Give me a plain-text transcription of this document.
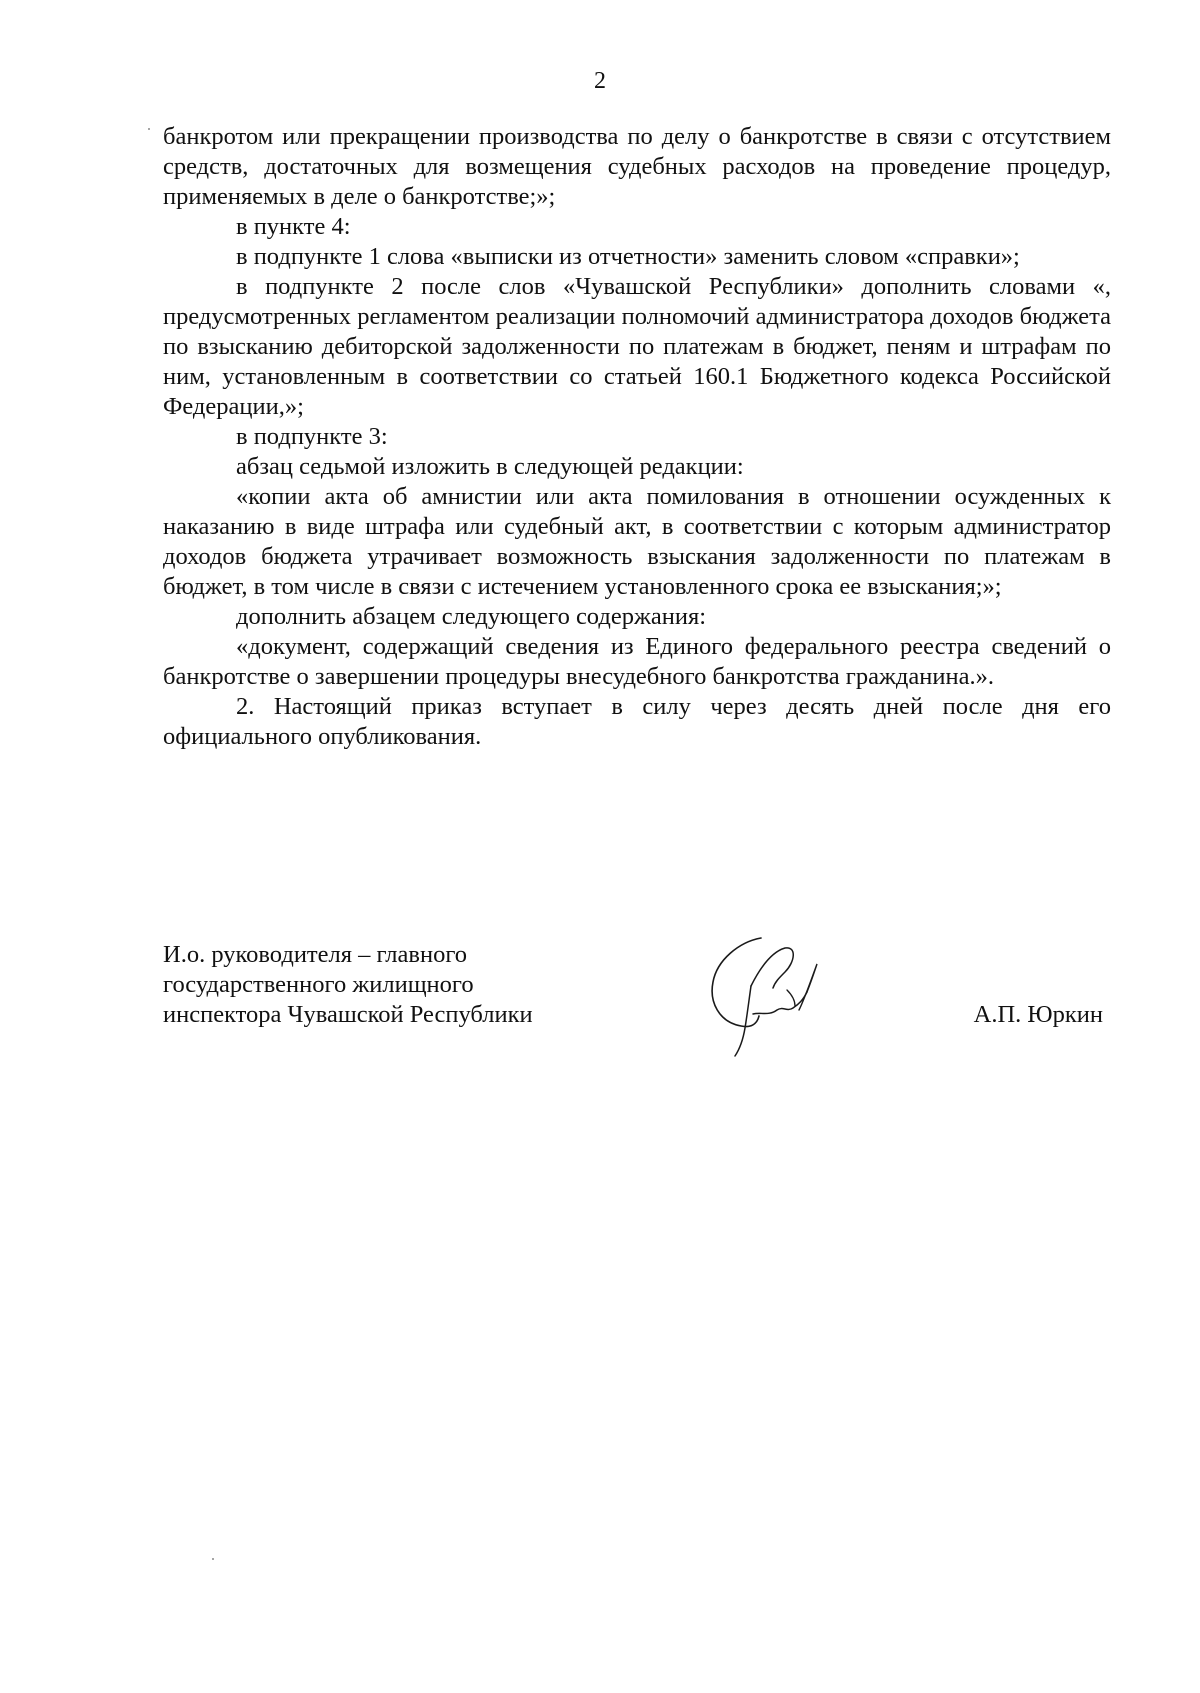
2

банкротом или прекращении производства по делу о банкротстве в связи с отсутствием средств, достаточных для возмещения судебных расходов на проведение процедур, применяемых в деле о банкротстве;»;

в пункте 4:

в подпункте 1 слова «выписки из отчетности» заменить словом «справки»;

в подпункте 2 после слов «Чувашской Республики» дополнить словами «, предусмотренных регламентом реализации полномочий администратора доходов бюджета по взысканию дебиторской задолженности по платежам в бюджет, пеням и штрафам по ним, установленным в соответствии со статьей 160.1 Бюджетного кодекса Российской Федерации,»;

в подпункте 3:

абзац седьмой изложить в следующей редакции:

«копии акта об амнистии или акта помилования в отношении осужденных к наказанию в виде штрафа или судебный акт, в соответствии с которым администратор доходов бюджета утрачивает возможность взыскания задолженности по платежам в бюджет, в том числе в связи с истечением установленного срока ее взыскания;»;

дополнить абзацем следующего содержания:

«документ, содержащий сведения из Единого федерального реестра сведений о банкротстве о завершении процедуры внесудебного банкротства гражданина.».

2. Настоящий приказ вступает в силу через десять дней после дня его официального опубликования.

И.о. руководителя – главного
государственного жилищного
инспектора Чувашской Республики	А.П. Юркин
